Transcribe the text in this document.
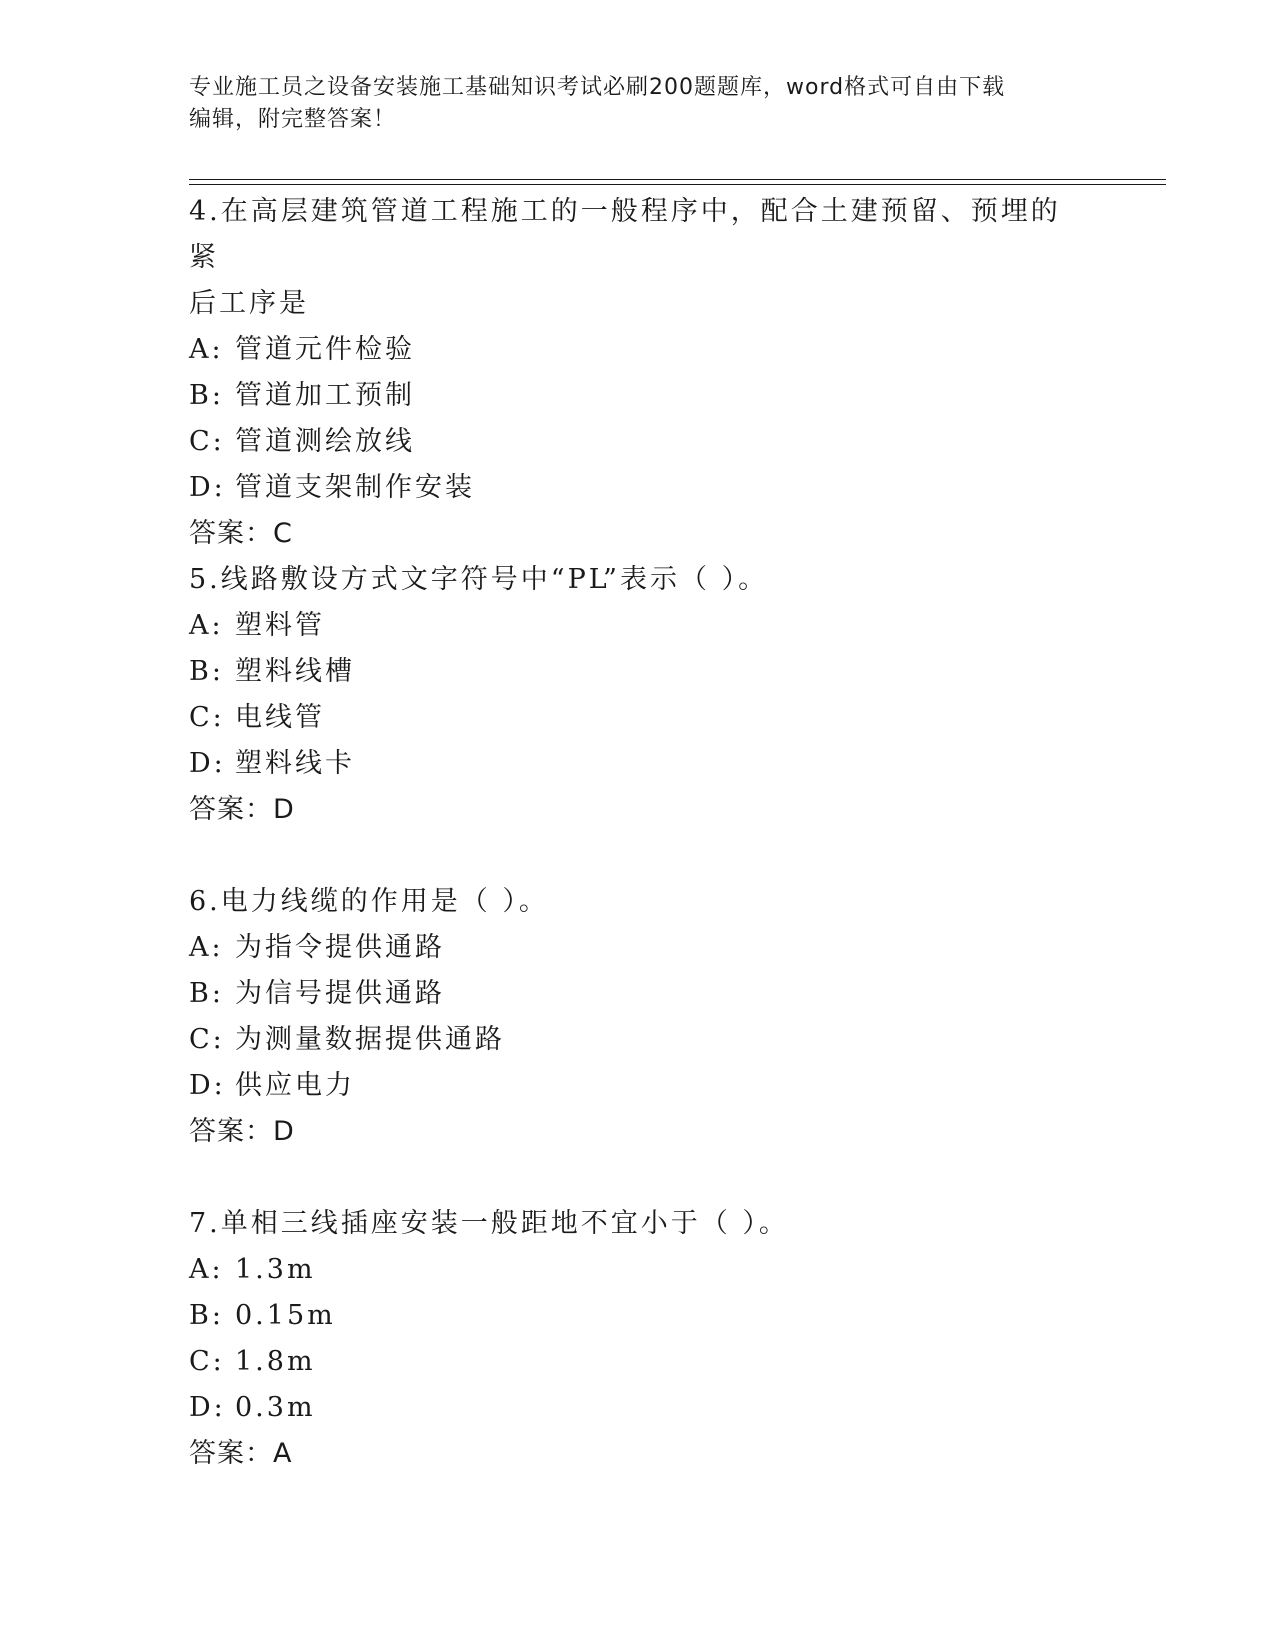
专业施工员之设备安装施工基础知识考试必刷200题题库，word格式可自由下载
编辑，附完整答案！
4.在高层建筑管道工程施工的一般程序中，配合土建预留、预埋的紧
后工序是
A: 管道元件检验
B: 管道加工预制
C: 管道测绘放线
D: 管道支架制作安装
答案：C
5.线路敷设方式文字符号中“PL”表示（ ）。
A: 塑料管
B: 塑料线槽
C: 电线管
D: 塑料线卡
答案：D
6.电力线缆的作用是（ ）。
A: 为指令提供通路
B: 为信号提供通路
C: 为测量数据提供通路
D: 供应电力
答案：D
7.单相三线插座安装一般距地不宜小于（ ）。
A: 1.3m
B: 0.15m
C: 1.8m
D: 0.3m
答案：A
